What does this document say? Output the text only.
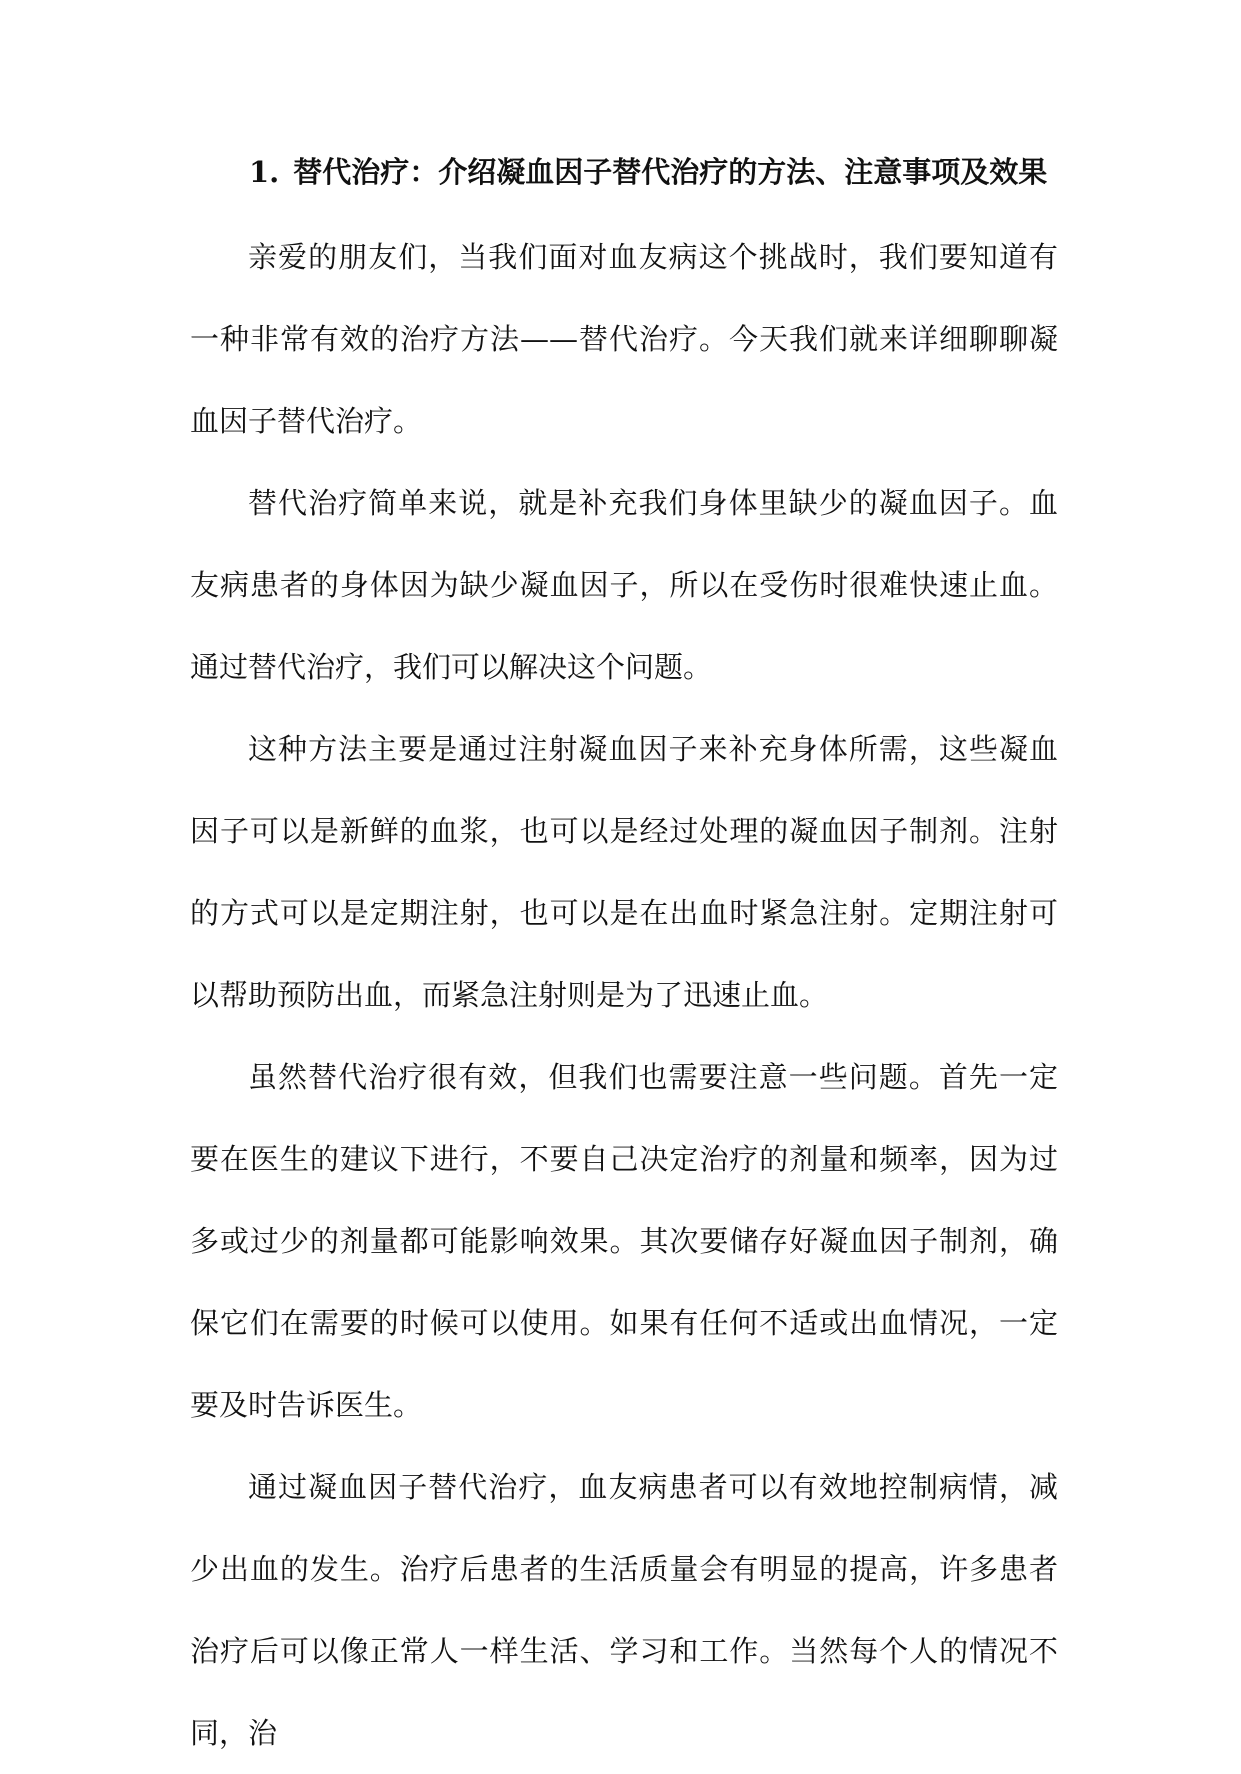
1. 替代治疗：介绍凝血因子替代治疗的方法、注意事项及效果

亲爱的朋友们，当我们面对血友病这个挑战时，我们要知道有一种非常有效的治疗方法——替代治疗。今天我们就来详细聊聊凝血因子替代治疗。

替代治疗简单来说，就是补充我们身体里缺少的凝血因子。血友病患者的身体因为缺少凝血因子，所以在受伤时很难快速止血。通过替代治疗，我们可以解决这个问题。

这种方法主要是通过注射凝血因子来补充身体所需，这些凝血因子可以是新鲜的血浆，也可以是经过处理的凝血因子制剂。注射的方式可以是定期注射，也可以是在出血时紧急注射。定期注射可以帮助预防出血，而紧急注射则是为了迅速止血。

虽然替代治疗很有效，但我们也需要注意一些问题。首先一定要在医生的建议下进行，不要自己决定治疗的剂量和频率，因为过多或过少的剂量都可能影响效果。其次要储存好凝血因子制剂，确保它们在需要的时候可以使用。如果有任何不适或出血情况，一定要及时告诉医生。

通过凝血因子替代治疗，血友病患者可以有效地控制病情，减少出血的发生。治疗后患者的生活质量会有明显的提高，许多患者治疗后可以像正常人一样生活、学习和工作。当然每个人的情况不同，治
